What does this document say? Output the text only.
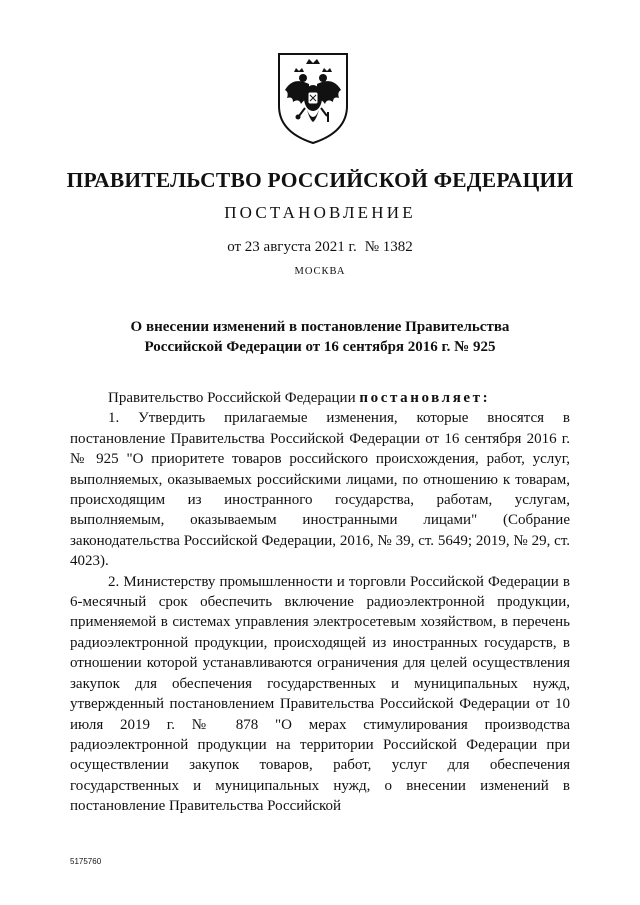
ПРАВИТЕЛЬСТВО РОССИЙСКОЙ ФЕДЕРАЦИИ
ПОСТАНОВЛЕНИЕ
от 23 августа 2021 г. № 1382
МОСКВА
О внесении изменений в постановление Правительства
Российской Федерации от 16 сентября 2016 г. № 925

Правительство Российской Федерации постановляет:

1. Утвердить прилагаемые изменения, которые вносятся в постановление Правительства Российской Федерации от 16 сентября 2016 г. № 925 "О приоритете товаров российского происхождения, работ, услуг, выполняемых, оказываемых российскими лицами, по отношению к товарам, происходящим из иностранного государства, работам, услугам, выполняемым, оказываемым иностранными лицами" (Собрание законодательства Российской Федерации, 2016, № 39, ст. 5649; 2019, № 29, ст. 4023).

2. Министерству промышленности и торговли Российской Федерации в 6-месячный срок обеспечить включение радиоэлектронной продукции, применяемой в системах управления электросетевым хозяйством, в перечень радиоэлектронной продукции, происходящей из иностранных государств, в отношении которой устанавливаются ограничения для целей осуществления закупок для обеспечения государственных и муниципальных нужд, утвержденный постановлением Правительства Российской Федерации от 10 июля 2019 г. № 878 "О мерах стимулирования производства радиоэлектронной продукции на территории Российской Федерации при осуществлении закупок товаров, работ, услуг для обеспечения государственных и муниципальных нужд, о внесении изменений в постановление Правительства Российской

5175760
